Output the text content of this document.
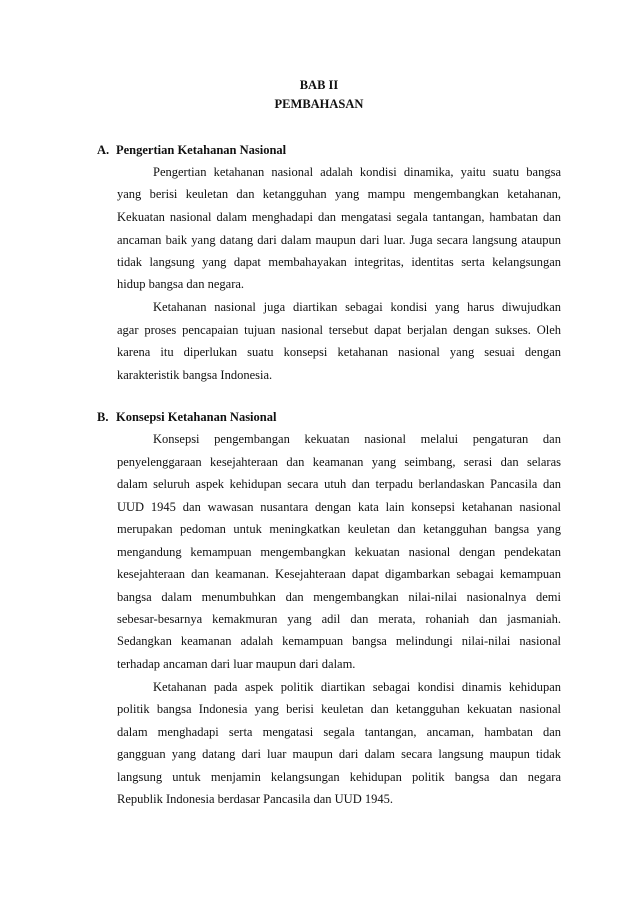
BAB II
PEMBAHASAN
A. Pengertian Ketahanan Nasional
Pengertian ketahanan nasional adalah kondisi dinamika, yaitu suatu bangsa
yang berisi keuletan dan ketangguhan yang mampu mengembangkan ketahanan,
Kekuatan nasional dalam menghadapi dan mengatasi segala tantangan, hambatan dan
ancaman baik yang datang dari dalam maupun dari luar. Juga secara langsung ataupun
tidak langsung yang dapat membahayakan integritas, identitas serta kelangsungan
hidup bangsa dan negara.
Ketahanan nasional juga diartikan sebagai kondisi yang harus diwujudkan
agar proses pencapaian tujuan nasional tersebut dapat berjalan dengan sukses. Oleh
karena itu diperlukan suatu konsepsi ketahanan nasional yang sesuai dengan
karakteristik bangsa Indonesia.
B. Konsepsi Ketahanan Nasional
Konsepsi pengembangan kekuatan nasional melalui pengaturan dan
penyelenggaraan kesejahteraan dan keamanan yang seimbang, serasi dan selaras
dalam seluruh aspek kehidupan secara utuh dan terpadu berlandaskan Pancasila dan
UUD 1945 dan wawasan nusantara dengan kata lain konsepsi ketahanan nasional
merupakan pedoman untuk meningkatkan keuletan dan ketangguhan bangsa yang
mengandung kemampuan mengembangkan kekuatan nasional dengan pendekatan
kesejahteraan dan keamanan. Kesejahteraan dapat digambarkan sebagai kemampuan
bangsa dalam menumbuhkan dan mengembangkan nilai-nilai nasionalnya demi
sebesar-besarnya kemakmuran yang adil dan merata, rohaniah dan jasmaniah.
Sedangkan keamanan adalah kemampuan bangsa melindungi nilai-nilai nasional
terhadap ancaman dari luar maupun dari dalam.
Ketahanan pada aspek politik diartikan sebagai kondisi dinamis kehidupan
politik bangsa Indonesia yang berisi keuletan dan ketangguhan kekuatan nasional
dalam menghadapi serta mengatasi segala tantangan, ancaman, hambatan dan
gangguan yang datang dari luar maupun dari dalam secara langsung maupun tidak
langsung untuk menjamin kelangsungan kehidupan politik bangsa dan negara
Republik Indonesia berdasar Pancasila dan UUD 1945.
